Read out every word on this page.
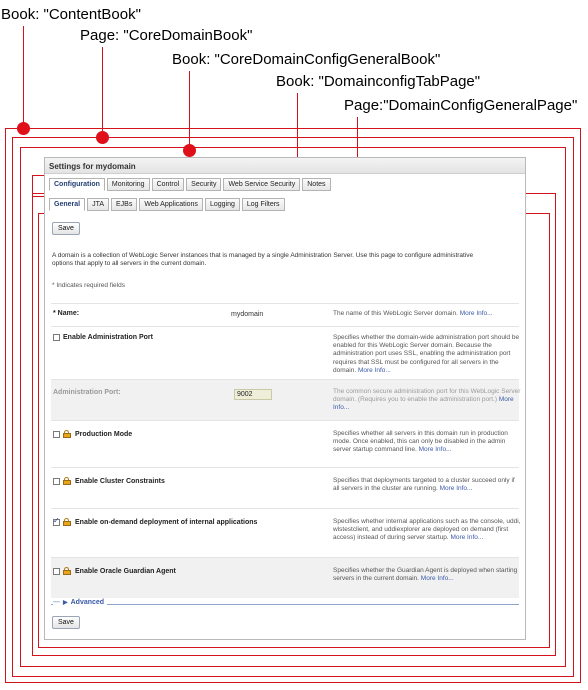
Book: "ContentBook"
Page: "CoreDomainBook"
Book: "CoreDomainConfigGeneralBook"
Book: "DomainconfigTabPage"
Page:"DomainConfigGeneralPage"
Settings for mydomain
Configuration	Monitoring	Control	Security	Web Service Security	Notes
General	JTA	EJBs	Web Applications	Logging	Log Filters
Save
A domain is a collection of WebLogic Server instances that is managed by a single Administration Server. Use this page to configure administrative options that apply to all servers in the current domain.
* Indicates required fields
* Name:	mydomain	The name of this WebLogic Server domain. More Info...
Enable Administration Port	Specifies whether the domain-wide administration port should be enabled for this WebLogic Server domain. Because the administration port uses SSL, enabling the administration port requires that SSL must be configured for all servers in the domain. More Info...
Administration Port:	9002	The common secure administration port for this WebLogic Server domain. (Requires you to enable the administration port.) More Info...
Production Mode	Specifies whether all servers in this domain run in production mode. Once enabled, this can only be disabled in the admin server startup command line. More Info...
Enable Cluster Constraints	Specifies that deployments targeted to a cluster succeed only if all servers in the cluster are running. More Info...
✓
Enable on-demand deployment of internal applications	Specifies whether internal applications such as the console, uddi, wlstestclient, and uddiexplorer are deployed on demand (first access) instead of during server startup. More Info...
Enable Oracle Guardian Agent	Specifies whether the Guardian Agent is deployed when starting servers in the current domain. More Info...
— ▶ Advanced
Save
